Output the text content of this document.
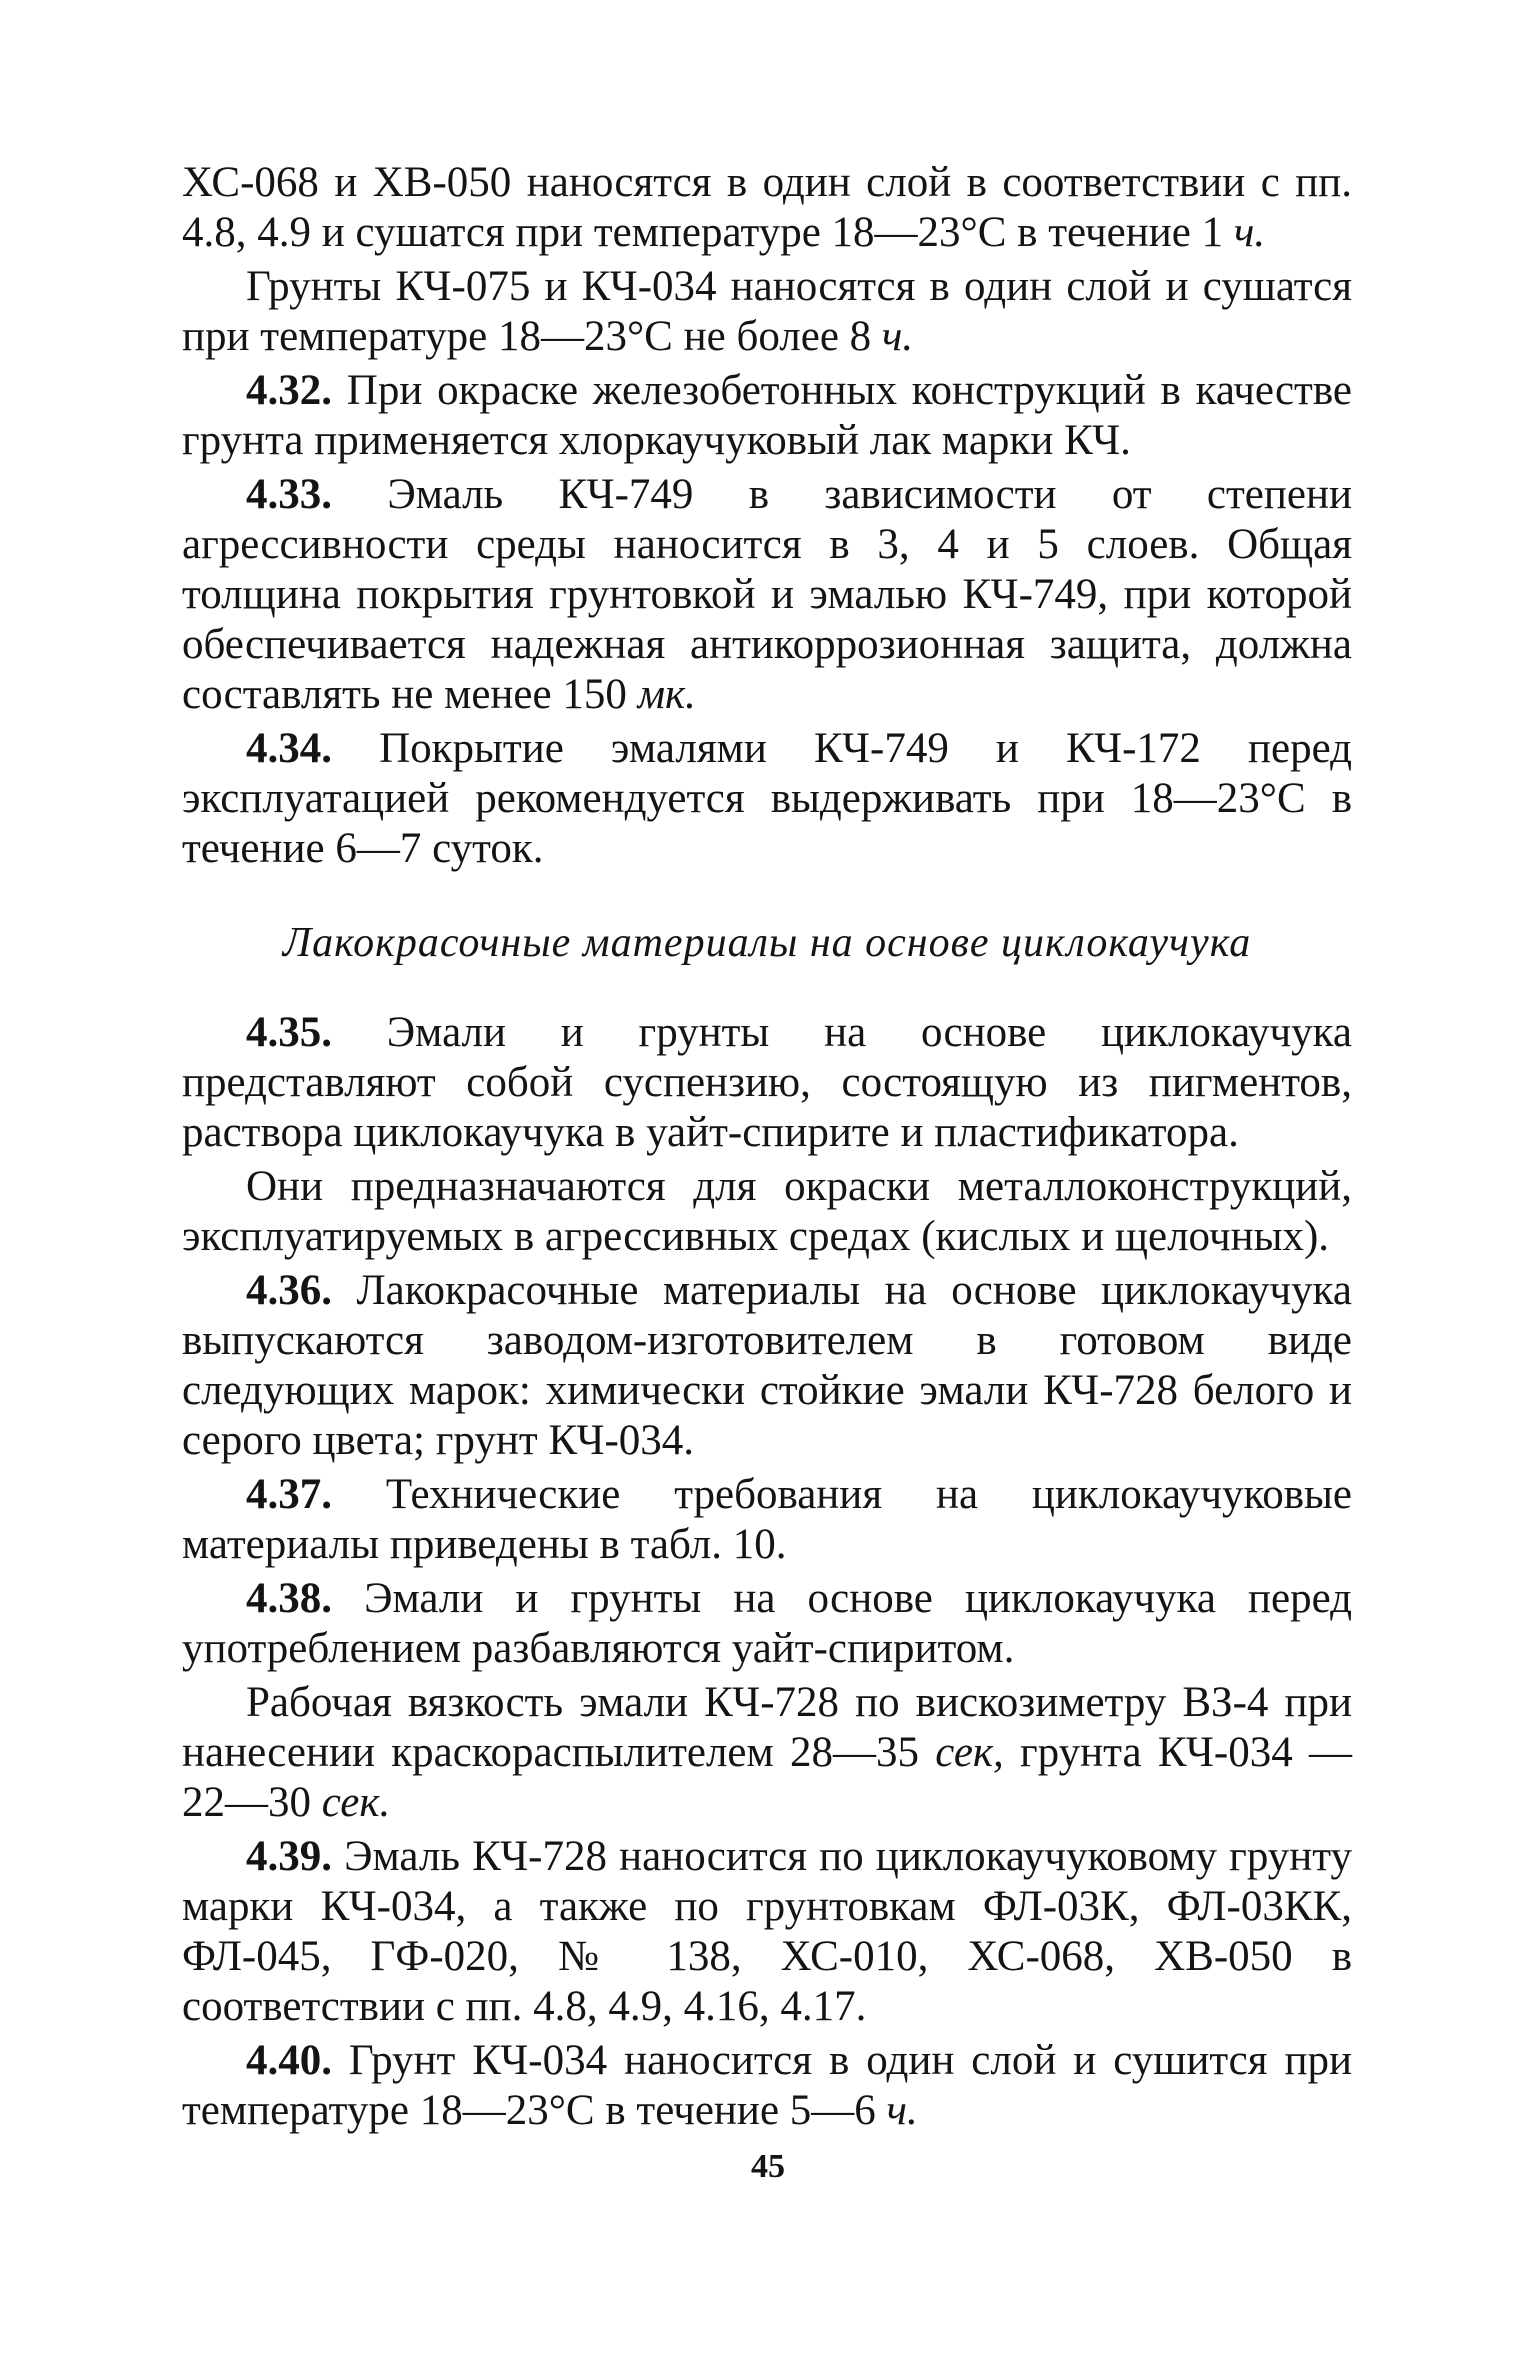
ХС-068 и ХВ-050 наносятся в один слой в соответствии с пп. 4.8, 4.9 и сушатся при температуре 18—23°С в течение 1 ч.

Грунты КЧ-075 и КЧ-034 наносятся в один слой и сушатся при температуре 18—23°С не более 8 ч.

4.32. При окраске железобетонных конструкций в качестве грунта применяется хлоркаучуковый лак марки КЧ.

4.33. Эмаль КЧ-749 в зависимости от степени агрессивности среды наносится в 3, 4 и 5 слоев. Общая толщина покрытия грунтовкой и эмалью КЧ-749, при которой обеспечивается надежная антикоррозионная защита, должна составлять не менее 150 мк.

4.34. Покрытие эмалями КЧ-749 и КЧ-172 перед эксплуатацией рекомендуется выдерживать при 18—23°С в течение 6—7 суток.

Лакокрасочные материалы на основе циклокаучука

4.35. Эмали и грунты на основе циклокаучука представляют собой суспензию, состоящую из пигментов, раствора циклокаучука в уайт-спирите и пластификатора.

Они предназначаются для окраски металлоконструкций, эксплуатируемых в агрессивных средах (кислых и щелочных).

4.36. Лакокрасочные материалы на основе циклокаучука выпускаются заводом-изготовителем в готовом виде следующих марок: химически стойкие эмали КЧ-728 белого и серого цвета; грунт КЧ-034.

4.37. Технические требования на циклокаучуковые материалы приведены в табл. 10.

4.38. Эмали и грунты на основе циклокаучука перед употреблением разбавляются уайт-спиритом.

Рабочая вязкость эмали КЧ-728 по вискозиметру ВЗ-4 при нанесении краскораспылителем 28—35 сек, грунта КЧ-034 — 22—30 сек.

4.39. Эмаль КЧ-728 наносится по циклокаучуковому грунту марки КЧ-034, а также по грунтовкам ФЛ-03К, ФЛ-03КК, ФЛ-045, ГФ-020, № 138, ХС-010, ХС-068, ХВ-050 в соответствии с пп. 4.8, 4.9, 4.16, 4.17.

4.40. Грунт КЧ-034 наносится в один слой и сушится при температуре 18—23°С в течение 5—6 ч.

45
